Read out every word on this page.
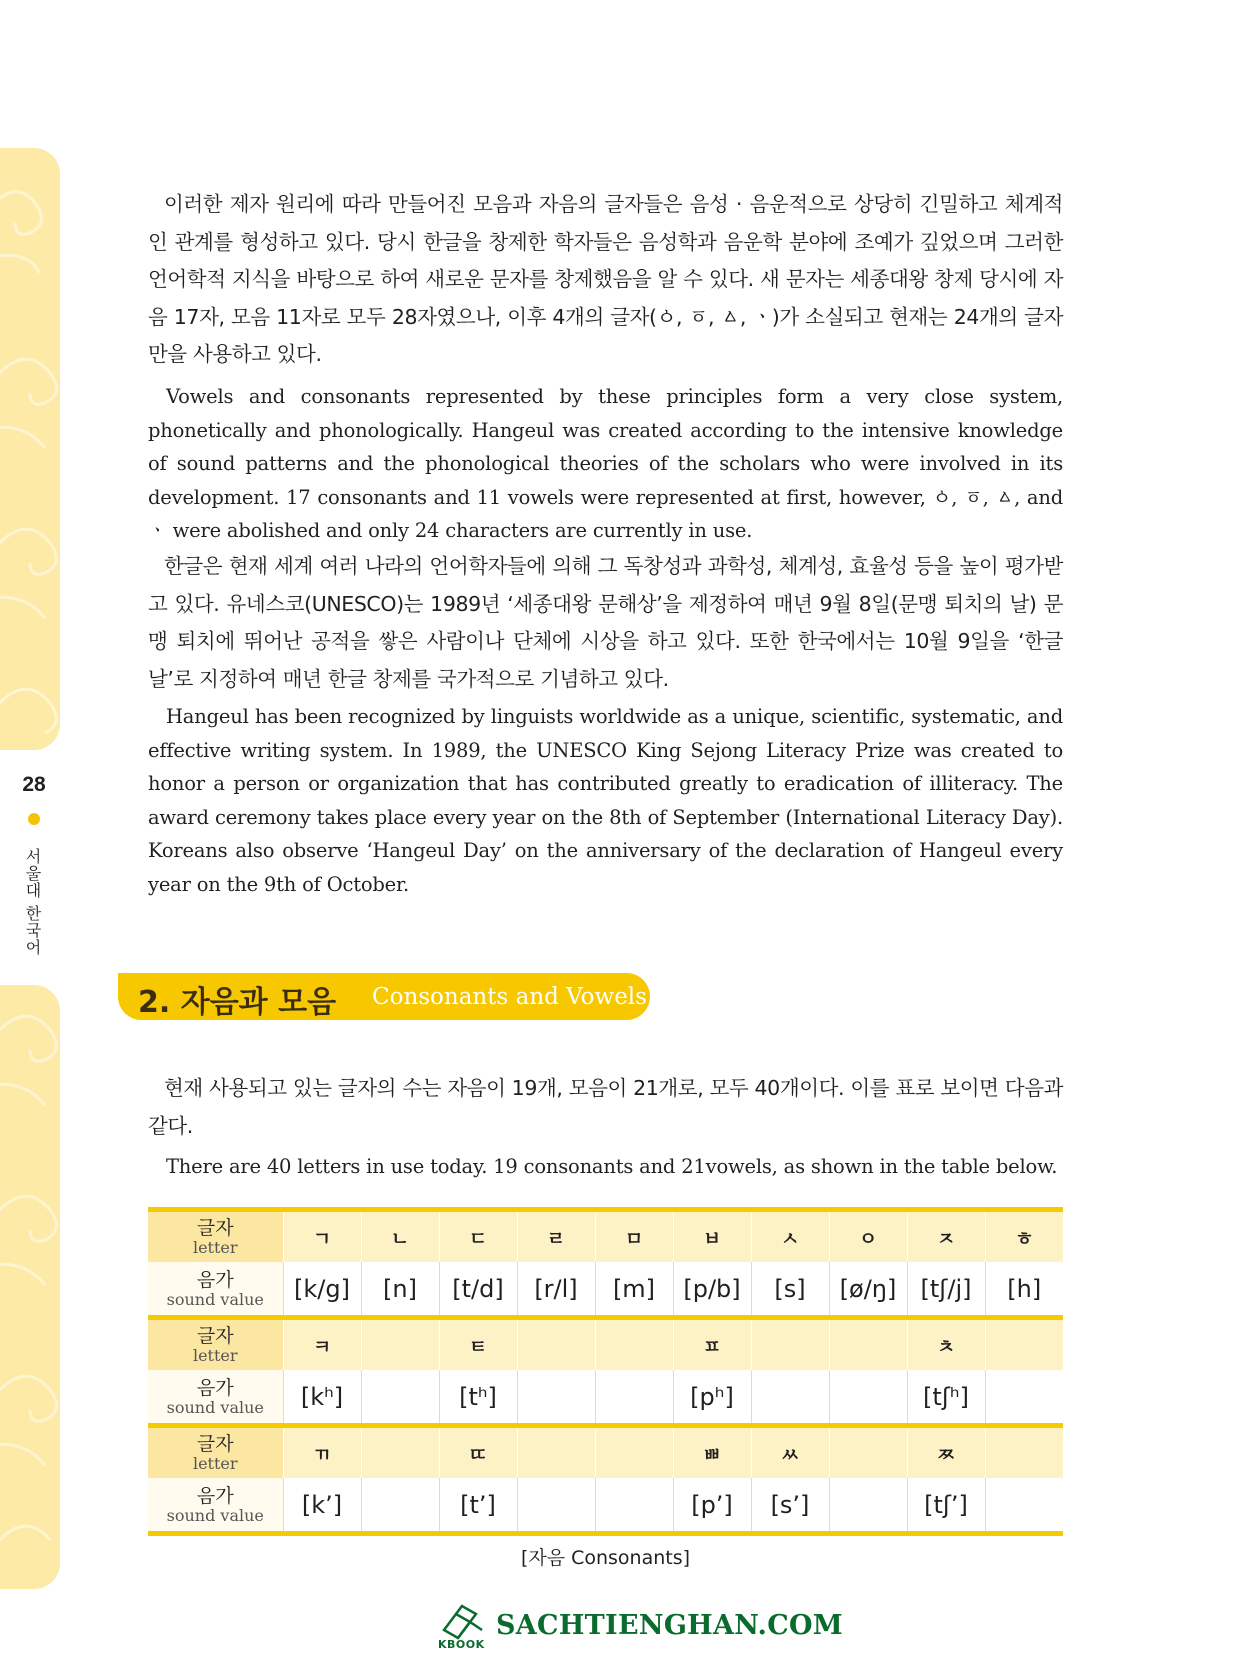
28
서울대 한국어

이러한 제자 원리에 따라 만들어진 모음과 자음의 글자들은 음성 · 음운적으로 상당히 긴밀하고 체계적인 관계를 형성하고 있다. 당시 한글을 창제한 학자들은 음성학과 음운학 분야에 조예가 깊었으며 그러한 언어학적 지식을 바탕으로 하여 새로운 문자를 창제했음을 알 수 있다. 새 문자는 세종대왕 창제 당시에 자음 17자, 모음 11자로 모두 28자였으나, 이후 4개의 글자(ㆁ, ㆆ, ㅿ, ㆍ)가 소실되고 현재는 24개의 글자만을 사용하고 있다.

Vowels and consonants represented by these principles form a very close system, phonetically and phonologically. Hangeul was created according to the intensive knowledge of sound patterns and the phonological theories of the scholars who were involved in its development. 17 consonants and 11 vowels were represented at first, however, ㆁ, ㆆ, ㅿ, and ㆍ were abolished and only 24 characters are currently in use.

한글은 현재 세계 여러 나라의 언어학자들에 의해 그 독창성과 과학성, 체계성, 효율성 등을 높이 평가받고 있다. 유네스코(UNESCO)는 1989년 ‘세종대왕 문해상’을 제정하여 매년 9월 8일(문맹 퇴치의 날) 문맹 퇴치에 뛰어난 공적을 쌓은 사람이나 단체에 시상을 하고 있다. 또한 한국에서는 10월 9일을 ‘한글날’로 지정하여 매년 한글 창제를 국가적으로 기념하고 있다.

Hangeul has been recognized by linguists worldwide as a unique, scientific, systematic, and effective writing system. In 1989, the UNESCO King Sejong Literacy Prize was created to honor a person or organization that has contributed greatly to eradication of illiteracy. The award ceremony takes place every year on the 8th of September (International Literacy Day). Koreans also observe ‘Hangeul Day’ on the anniversary of the declaration of Hangeul every year on the 9th of October.

2. 자음과 모음 Consonants and Vowels

현재 사용되고 있는 글자의 수는 자음이 19개, 모음이 21개로, 모두 40개이다. 이를 표로 보이면 다음과 같다.

There are 40 letters in use today. 19 consonants and 21vowels, as shown in the table below.

글자
letter	ㄱ	ㄴ	ㄷ	ㄹ	ㅁ	ㅂ	ㅅ	ㅇ	ㅈ	ㅎ

음가
sound value	[k/g]	[n]	[t/d]	[r/l]	[m]	[p/b]	[s]	[ø/ŋ]	[tʃ/j]	[h]

글자
letter	ㅋ		ㅌ			ㅍ			ㅊ	

음가
sound value	[kʰ]		[tʰ]			[pʰ]			[tʃʰ]	

글자
letter	ㄲ		ㄸ			ㅃ	ㅆ		ㅉ	

음가
sound value	[k’]		[t’]			[p’]	[s’]		[tʃ’]	
[자음 Consonants]
KBOOK
SACHTIENGHAN.COM
